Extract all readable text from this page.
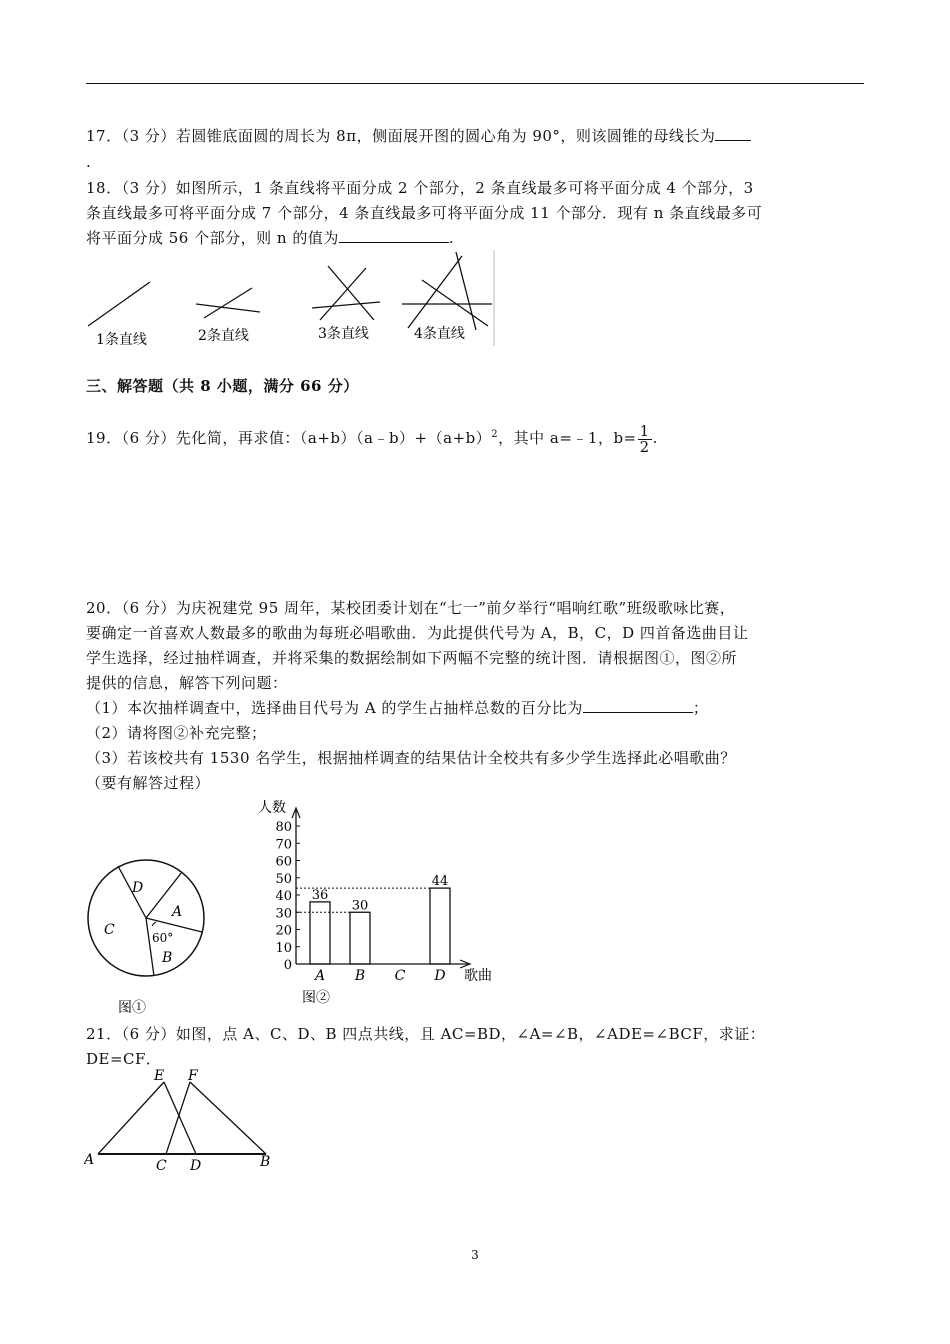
17．（3 分）若圆锥底面圆的周长为 8π，侧面展开图的圆心角为 90°，则该圆锥的母线长为
.
18．（3 分）如图所示，1 条直线将平面分成 2 个部分，2 条直线最多可将平面分成 4 个部分，3
条直线最多可将平面分成 7 个部分，4 条直线最多可将平面分成 11 个部分．现有 n 条直线最多可
将平面分成 56 个部分，则 n 的值为	.
1条直线	2条直线	3条直线	4条直线
三、解答题（共 8 小题，满分 66 分）
19．（6 分）先化简，再求值：$(a+b)(a﹣b)+(a+b)^2$，其中 a=﹣1，$b= \frac{1}{2}$ .
20．（6 分）为庆祝建党 95 周年，某校团委计划在“七一”前夕举行“唱响红歌”班级歌咏比赛，
要确定一首喜欢人数最多的歌曲为每班必唱歌曲．为此提供代号为 A，B，C，D 四首备选曲目让
学生选择，经过抽样调查，并将采集的数据绘制如下两幅不完整的统计图．请根据图①，图②所
提供的信息，解答下列问题：
（1）本次抽样调查中，选择曲目代号为 A 的学生占抽样总数的百分比为	；
（2）请将图②补充完整；
（3）若该校共有 1530 名学生，根据抽样调查的结果估计全校共有多少学生选择此必唱歌曲？
（要有解答过程）
D
A
C
B
60°
图①
人数
歌曲
80
70
60
50
40
30
20
10
0
36
A
30
B C
44
D
图②
21．（6 分）如图，点 A、C、D、B 四点共线，且 AC=BD，∠A=∠B，∠ADE=∠BCF，求证：
DE=CF．
E F
A	C D	B
3
